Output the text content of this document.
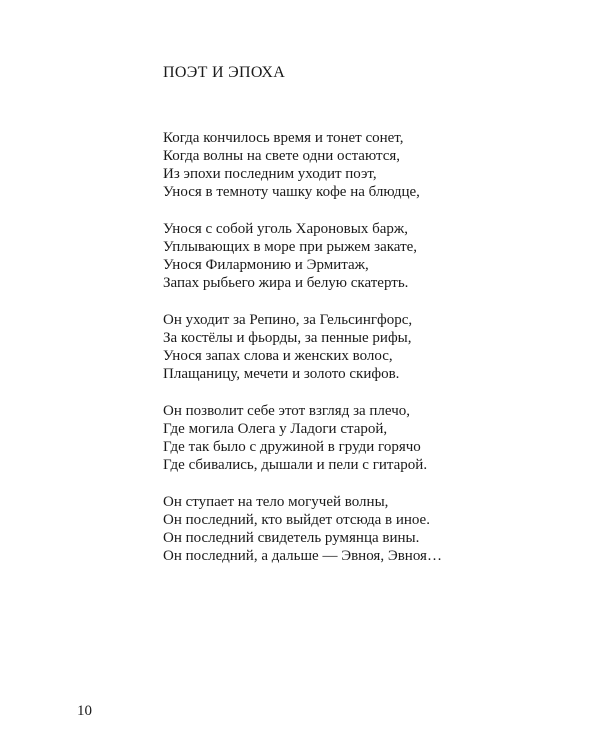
ПОЭТ И ЭПОХА
Когда кончилось время и тонет сонет,
Когда волны на свете одни остаются,
Из эпохи последним уходит поэт,
Унося в темноту чашку кофе на блюдце,
Унося с собой уголь Хароновых барж,
Уплывающих в море при рыжем закате,
Унося Филармонию и Эрмитаж,
Запах рыбьего жира и белую скатерть.
Он уходит за Репино, за Гельсингфорс,
За костёлы и фьорды, за пенные рифы,
Унося запах слова и женских волос,
Плащаницу, мечети и золото скифов.
Он позволит себе этот взгляд за плечо,
Где могила Олега у Ладоги старой,
Где так было с дружиной в груди горячо
Где сбивались, дышали и пели с гитарой.
Он ступает на тело могучей волны,
Он последний, кто выйдет отсюда в иное.
Он последний свидетель румянца вины.
Он последний, а дальше — Эвноя, Эвноя…

10
